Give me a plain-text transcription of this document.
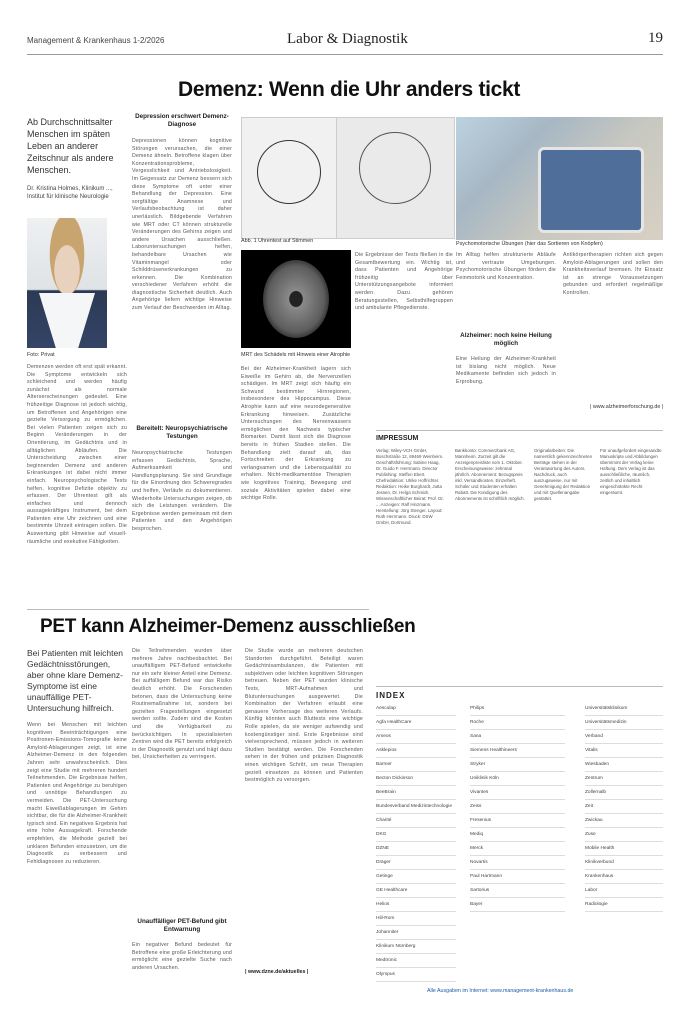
Management & Krankenhaus 1-2/2026	Labor & Diagnostik	19
Demenz: Wenn die Uhr anders tickt
Ab Durchschnittsalter Menschen im späten Leben an anderer Zeitschnur als andere Menschen.
Dr. Kristina Holmes, Klinikum ..., Institut für klinische Neurologie
Foto: Privat
Demenzen werden oft erst spät erkannt. Die Symptome entwickeln sich schleichend und werden häufig zunächst als normale Alterserscheinungen gedeutet. Eine frühzeitige Diagnose ist jedoch wichtig, um Betroffenen und Angehörigen eine gezielte Versorgung zu ermöglichen. Bei vielen Patienten zeigen sich zu Beginn Veränderungen in der Orientierung, im Gedächtnis und in alltäglichen Abläufen. Die Unterscheidung zwischen einer beginnenden Demenz und anderen Erkrankungen ist dabei nicht immer einfach. Neuropsychologische Tests helfen, kognitive Defizite objektiv zu erfassen. Der Uhrentest gilt als einfaches und dennoch aussagekräftiges Instrument, bei dem Patienten eine Uhr zeichnen und eine bestimmte Uhrzeit eintragen sollen. Die Auswertung gibt Hinweise auf visuell-räumliche und exekutive Fähigkeiten.
Depression erschwert Demenz-Diagnose
Depressionen können kognitive Störungen verursachen, die einer Demenz ähneln. Betroffene klagen über Konzentrationsprobleme, Vergesslichkeit und Antriebslosigkeit. Im Gegensatz zur Demenz bessern sich diese Symptome oft unter einer Behandlung der Depression. Eine sorgfältige Anamnese und Verlaufsbeobachtung ist daher unerlässlich. Bildgebende Verfahren wie MRT oder CT können strukturelle Veränderungen des Gehirns zeigen und andere Ursachen ausschließen. Laboruntersuchungen helfen, behandelbare Ursachen wie Vitaminmangel oder Schilddrüsenerkrankungen zu erkennen. Die Kombination verschiedener Verfahren erhöht die diagnostische Sicherheit deutlich. Auch Angehörige liefern wichtige Hinweise zum Verlauf der Beschwerden im Alltag.
Bereitelt: Neuropsychiatrische Testungen
Neuropsychiatrische Testungen erfassen Gedächtnis, Sprache, Aufmerksamkeit und Handlungsplanung. Sie sind Grundlage für die Einordnung des Schweregrades und helfen, Verläufe zu dokumentieren. Wiederholte Untersuchungen zeigen, ob sich die Leistungen verändern. Die Ergebnisse werden gemeinsam mit dem Patienten und den Angehörigen besprochen.
Abb. 1 Uhrentest auf Stimmen
MRT des Schädels mit Hinweis einer Atrophie
Bei der Alzheimer-Krankheit lagern sich Eiweiße im Gehirn ab, die Nervenzellen schädigen. Im MRT zeigt sich häufig ein Schwund bestimmter Hirnregionen, insbesondere des Hippocampus. Diese Atrophie kann auf eine neurodegenerative Erkrankung hinweisen. Zusätzliche Untersuchungen des Nervenwassers ermöglichen den Nachweis typischer Biomarker. Damit lässt sich die Diagnose bereits in frühen Stadien stellen. Die Behandlung zielt darauf ab, das Fortschreiten der Erkrankung zu verlangsamen und die Lebensqualität zu erhalten. Nicht-medikamentöse Therapien wie kognitives Training, Bewegung und soziale Aktivitäten spielen dabei eine wichtige Rolle.
Die Ergebnisse der Tests fließen in die Gesamtbewertung ein. Wichtig ist, dass Patienten und Angehörige frühzeitig über Unterstützungsangebote informiert werden. Dazu gehören Beratungsstellen, Selbsthilfegruppen und ambulante Pflegedienste.
Psychomotorische Übungen (hier das Sortieren von Knöpfen)
Im Alltag helfen strukturierte Abläufe und vertraute Umgebungen. Psychomotorische Übungen fördern die Feinmotorik und Konzentration.
Alzheimer: noch keine Heilung möglich
Eine Heilung der Alzheimer-Krankheit ist bislang nicht möglich. Neue Medikamente befinden sich jedoch in Erprobung.
Antikörpertherapien richten sich gegen Amyloid-Ablagerungen und sollen den Krankheitsverlauf bremsen. Ihr Einsatz ist an strenge Voraussetzungen gebunden und erfordert regelmäßige Kontrollen.
| www.alzheimerforschung.de |
IMPRESSUM
Verlag: Wiley-VCH GmbH, Boschstraße 12, 69469 Weinheim. Geschäftsführung: Sabine Haag, Dr. Guido F. Herrmann. Director Publishing: Steffen Ebert. Chefredaktion: Ulrike Hoffrichter. Redaktion: Heike Burghardt, Jutta Jessen, Dr. Helga Schmidt. Wissenschaftlicher Beirat: Prof. Dr. ... Anzeigen: Ralf Hinzmann. Herstellung: Jörg Stenger. Layout: Ruth Herrmann. Druck: DSW GmbH, Dortmund.
Bankkonto: Commerzbank AG, Mannheim. Zurzeit gilt die Anzeigenpreisliste vom 1. Oktober. Erscheinungsweise: zehnmal jährlich. Abonnement: Bezugspreis inkl. Versandkosten. Einzelheft. Schüler und Studenten erhalten Rabatt. Die Kündigung des Abonnements ist schriftlich möglich.
Originalarbeiten: Die namentlich gekennzeichneten Beiträge stehen in der Verantwortung des Autors. Nachdruck, auch auszugsweise, nur mit Genehmigung der Redaktion und mit Quellenangabe gestattet.
Für unaufgefordert eingesandte Manuskripte und Abbildungen übernimmt der Verlag keine Haftung. Dem Verlag ist das ausschließliche, räumlich, zeitlich und inhaltlich eingeschränkte Recht eingeräumt.
INDEX
Aesculap
Agfa HealthCare
Ameos
Asklepios
Barmer
Becton Dickinson
BeeBrain
Bundesverband Medizintechnologie
Charité
DKG
DZNE
Dräger
Getinge
GE Healthcare
Helios
Hill-Rom
Johanniter
Klinikum Nürnberg
Medtronic
Olympus
Philips
Roche
Sana
Siemens Healthineers
Stryker
Uniklinik Köln
Vivantes
Zeiss
Fresenius
Mediq
Merck
Novartis
Paul Hartmann
Sartorius
Bayer
Universitätsklinikum
Universitätsmedizin
Verband
Vitalis
Wiesbaden
Zentrum
Zollernalb
Zeit
Zwickau
Zuse
Mobile Health
Klinikverbund
Krankenhaus
Labor
Radiologie
PET kann Alzheimer-Demenz ausschließen
Bei Patienten mit leichten Gedächtnisstörungen, aber ohne klare Demenz-Symptome ist eine unauffällige PET-Untersuchung hilfreich.
Wenn bei Menschen mit leichten kognitiven Beeinträchtigungen eine Positronen-Emissions-Tomografie keine Amyloid-Ablagerungen zeigt, ist eine Alzheimer-Demenz in den folgenden Jahren sehr unwahrscheinlich. Dies zeigt eine Studie mit mehreren hundert Teilnehmenden. Die Ergebnisse helfen, Patienten und Angehörige zu beruhigen und unnötige Behandlungen zu vermeiden. Die PET-Untersuchung macht Eiweißablagerungen im Gehirn sichtbar, die für die Alzheimer-Krankheit typisch sind. Ein negatives Ergebnis hat eine hohe Aussagekraft. Forschende empfehlen, die Methode gezielt bei unklaren Befunden einzusetzen, um die Diagnostik zu verbessern und Fehldiagnosen zu reduzieren.
Die Teilnehmenden wurden über mehrere Jahre nachbeobachtet. Bei unauffälligem PET-Befund entwickelte nur ein sehr kleiner Anteil eine Demenz. Bei auffälligem Befund war das Risiko deutlich erhöht. Die Forschenden betonen, dass die Untersuchung keine Routinemaßnahme ist, sondern bei gezielten Fragestellungen eingesetzt werden sollte. Zudem sind die Kosten und die Verfügbarkeit zu berücksichtigen. In spezialisierten Zentren wird die PET bereits erfolgreich in der Diagnostik genutzt und trägt dazu bei, Unsicherheiten zu verringern.
Unauffälliger PET-Befund gibt Entwarnung
Ein negativer Befund bedeutet für Betroffene eine große Erleichterung und ermöglicht eine gezielte Suche nach anderen Ursachen.
Die Studie wurde an mehreren deutschen Standorten durchgeführt. Beteiligt waren Gedächtnisambulanzen, die Patienten mit subjektiven oder leichten kognitiven Störungen betreuen. Neben der PET wurden klinische Tests, MRT-Aufnahmen und Blutuntersuchungen ausgewertet. Die Kombination der Verfahren erlaubt eine genauere Vorhersage des weiteren Verlaufs. Künftig könnten auch Bluttests eine wichtige Rolle spielen, da sie weniger aufwendig und kostengünstiger sind. Erste Ergebnisse sind vielversprechend, müssen jedoch in weiteren Studien bestätigt werden. Die Forschenden sehen in der frühen und präzisen Diagnostik einen wichtigen Schritt, um neue Therapien gezielt einsetzen zu können und Patienten bestmöglich zu versorgen.
| www.dzne.de/aktuelles |
Alle Ausgaben im Internet: www.management-krankenhaus.de
